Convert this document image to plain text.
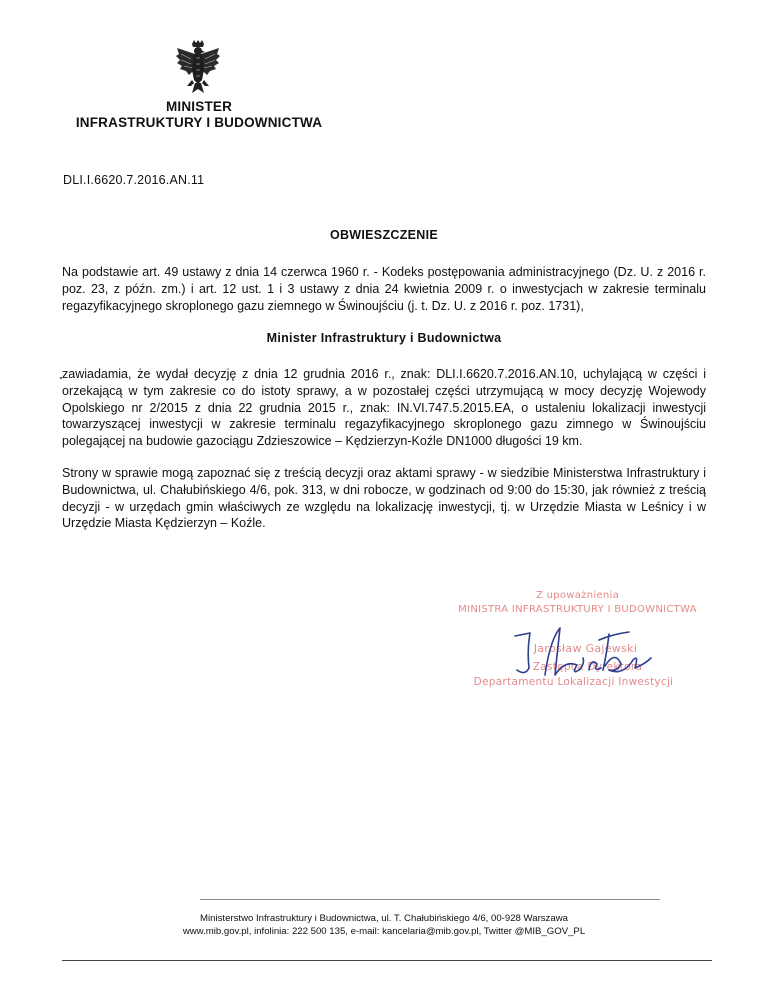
MINISTER
INFRASTRUKTURY I BUDOWNICTWA
DLI.I.6620.7.2016.AN.11
OBWIESZCZENIE
Na podstawie art. 49 ustawy z dnia 14 czerwca 1960 r. - Kodeks postępowania administracyjnego (Dz. U. z 2016 r. poz. 23, z późn. zm.) i art. 12 ust. 1 i 3 ustawy z dnia 24 kwietnia 2009 r. o inwestycjach w zakresie terminalu regazyfikacyjnego skroplonego gazu ziemnego w Świnoujściu (j. t. Dz. U. z 2016 r. poz. 1731),
Minister Infrastruktury i Budownictwa
zawiadamia, że wydał decyzję z dnia 12 grudnia 2016 r., znak: DLI.I.6620.7.2016.AN.10, uchylającą w części i orzekającą w tym zakresie co do istoty sprawy, a w pozostałej części utrzymującą w mocy decyzję Wojewody Opolskiego nr 2/2015 z dnia 22 grudnia 2015 r., znak: IN.VI.747.5.2015.EA, o ustaleniu lokalizacji inwestycji towarzyszącej inwestycji w zakresie terminalu regazyfikacyjnego skroplonego gazu zimnego w Świnoujściu polegającej na budowie gazociągu Zdzieszowice – Kędzierzyn-Koźle DN1000 długości 19 km.
Strony w sprawie mogą zapoznać się z treścią decyzji oraz aktami sprawy - w siedzibie Ministerstwa Infrastruktury i Budownictwa, ul. Chałubińskiego 4/6, pok. 313, w dni robocze, w godzinach od 9:00 do 15:30, jak również z treścią decyzji - w urzędach gmin właściwych ze względu na lokalizację inwestycji, tj. w Urzędzie Miasta w Leśnicy i w Urzędzie Miasta Kędzierzyn – Koźle.
Z upoważnienia
MINISTRA INFRASTRUKTURY I BUDOWNICTWA
Jarosław Gajewski
Zastępca Dyrektora
Departamentu Lokalizacji Inwestycji
Ministerstwo Infrastruktury i Budownictwa, ul. T. Chałubińskiego 4/6, 00-928 Warszawa
www.mib.gov.pl, infolinia: 222 500 135, e-mail: kancelaria@mib.gov.pl, Twitter @MIB_GOV_PL
